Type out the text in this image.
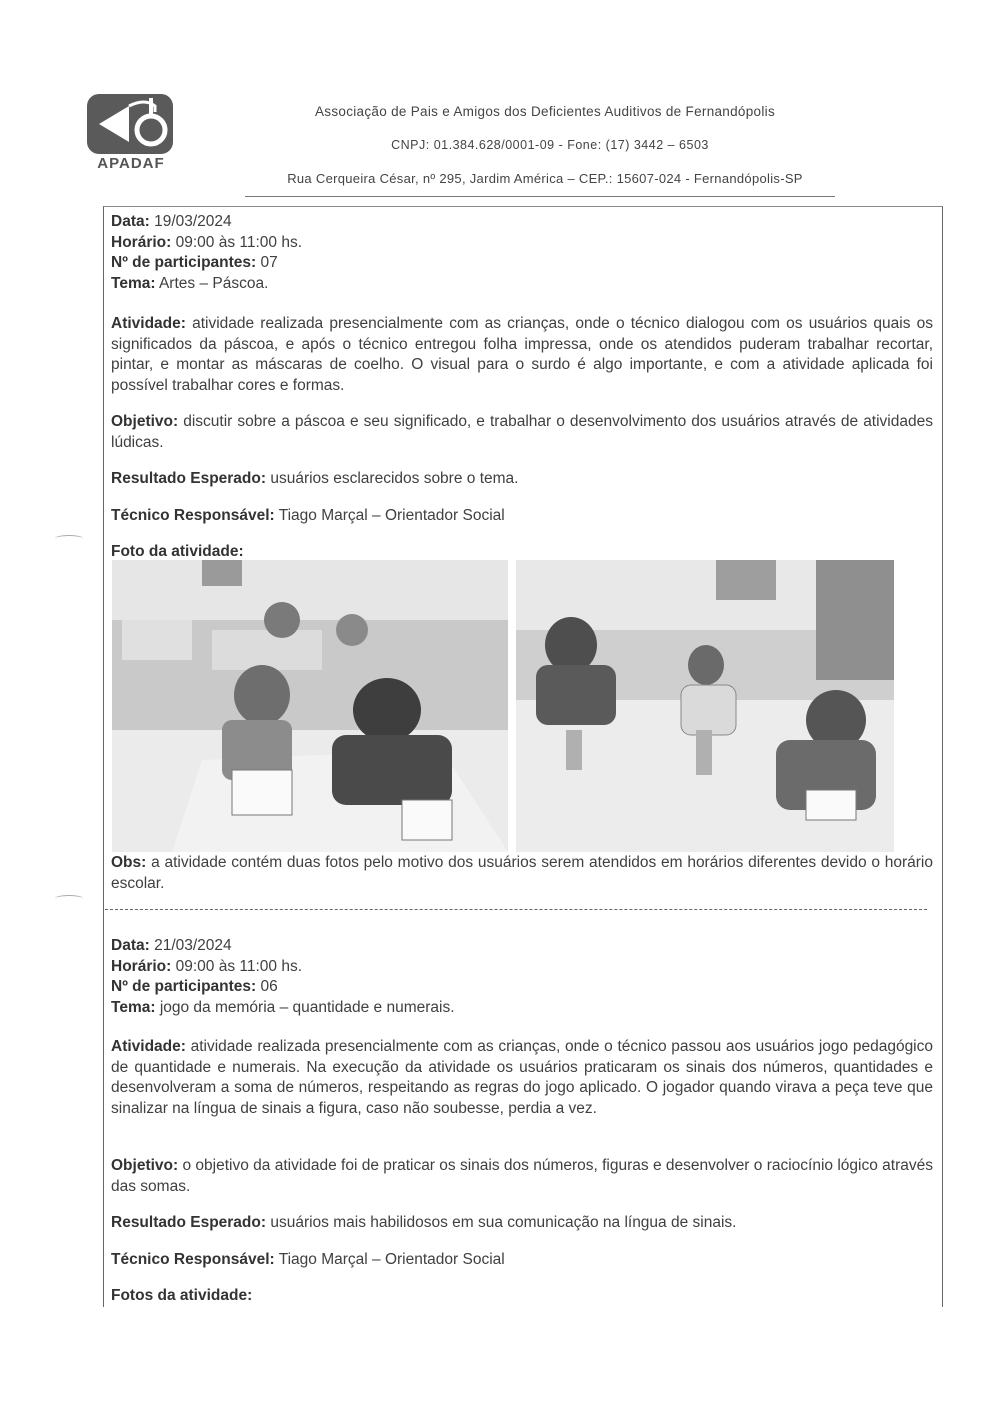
APADAF
Associação de Pais e Amigos dos Deficientes Auditivos de Fernandópolis
CNPJ: 01.384.628/0001-09 - Fone: (17) 3442 – 6503
Rua Cerqueira César, nº 295, Jardim América – CEP.: 15607-024 - Fernandópolis-SP

Data: 19/03/2024

Horário: 09:00 às 11:00 hs.

Nº de participantes: 07

Tema: Artes – Páscoa.

Atividade: atividade realizada presencialmente com as crianças, onde o técnico dialogou com os usuários quais os significados da páscoa, e após o técnico entregou folha impressa, onde os atendidos puderam trabalhar recortar, pintar, e montar as máscaras de coelho. O visual para o surdo é algo importante, e com a atividade aplicada foi possível trabalhar cores e formas.

Objetivo: discutir sobre a páscoa e seu significado, e trabalhar o desenvolvimento dos usuários através de atividades lúdicas.

Resultado Esperado: usuários esclarecidos sobre o tema.

Técnico Responsável: Tiago Marçal – Orientador Social

Foto da atividade:

Obs: a atividade contém duas fotos pelo motivo dos usuários serem atendidos em horários diferentes devido o horário escolar.

Data: 21/03/2024

Horário: 09:00 às 11:00 hs.

Nº de participantes: 06

Tema: jogo da memória – quantidade e numerais.

Atividade: atividade realizada presencialmente com as crianças, onde o técnico passou aos usuários jogo pedagógico de quantidade e numerais. Na execução da atividade os usuários praticaram os sinais dos números, quantidades e desenvolveram a soma de números, respeitando as regras do jogo aplicado. O jogador quando virava a peça teve que sinalizar na língua de sinais a figura, caso não soubesse, perdia a vez.

Objetivo: o objetivo da atividade foi de praticar os sinais dos números, figuras e desenvolver o raciocínio lógico através das somas.

Resultado Esperado: usuários mais habilidosos em sua comunicação na língua de sinais.

Técnico Responsável: Tiago Marçal – Orientador Social

Fotos da atividade:
